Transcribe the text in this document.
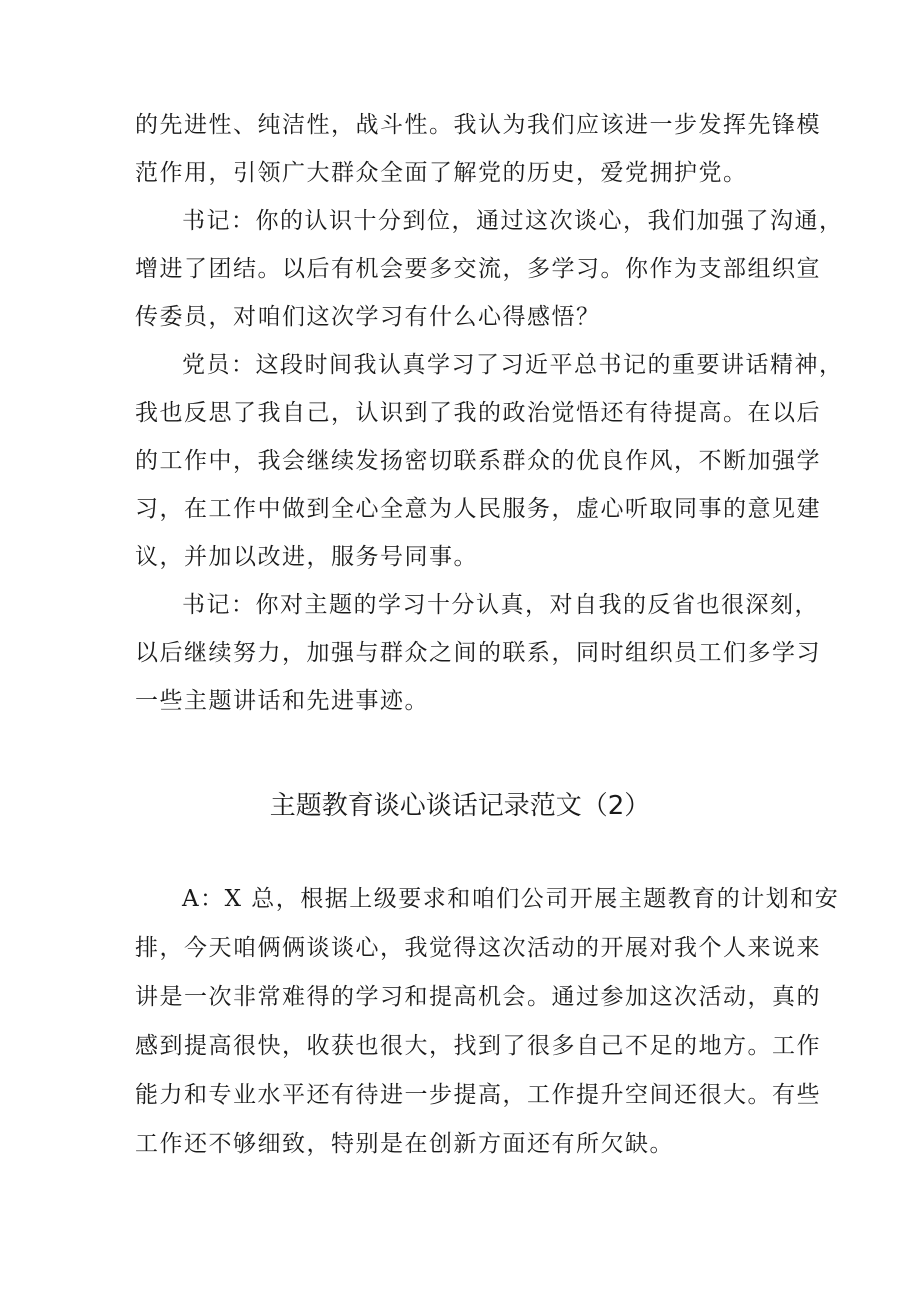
的先进性、纯洁性，战斗性。我认为我们应该进一步发挥先锋模
范作用，引领广大群众全面了解党的历史，爱党拥护党。
书记：你的认识十分到位，通过这次谈心，我们加强了沟通，
增进了团结。以后有机会要多交流，多学习。你作为支部组织宣
传委员，对咱们这次学习有什么心得感悟？
党员：这段时间我认真学习了习近平总书记的重要讲话精神，
我也反思了我自己，认识到了我的政治觉悟还有待提高。在以后
的工作中，我会继续发扬密切联系群众的优良作风，不断加强学
习，在工作中做到全心全意为人民服务，虚心听取同事的意见建
议，并加以改进，服务号同事。
书记：你对主题的学习十分认真，对自我的反省也很深刻，
以后继续努力，加强与群众之间的联系，同时组织员工们多学习
一些主题讲话和先进事迹。
主题教育谈心谈话记录范文（2）
A：X 总，根据上级要求和咱们公司开展主题教育的计划和安
排，今天咱俩俩谈谈心，我觉得这次活动的开展对我个人来说来
讲是一次非常难得的学习和提高机会。通过参加这次活动，真的
感到提高很快，收获也很大，找到了很多自己不足的地方。工作
能力和专业水平还有待进一步提高，工作提升空间还很大。有些
工作还不够细致，特别是在创新方面还有所欠缺。
